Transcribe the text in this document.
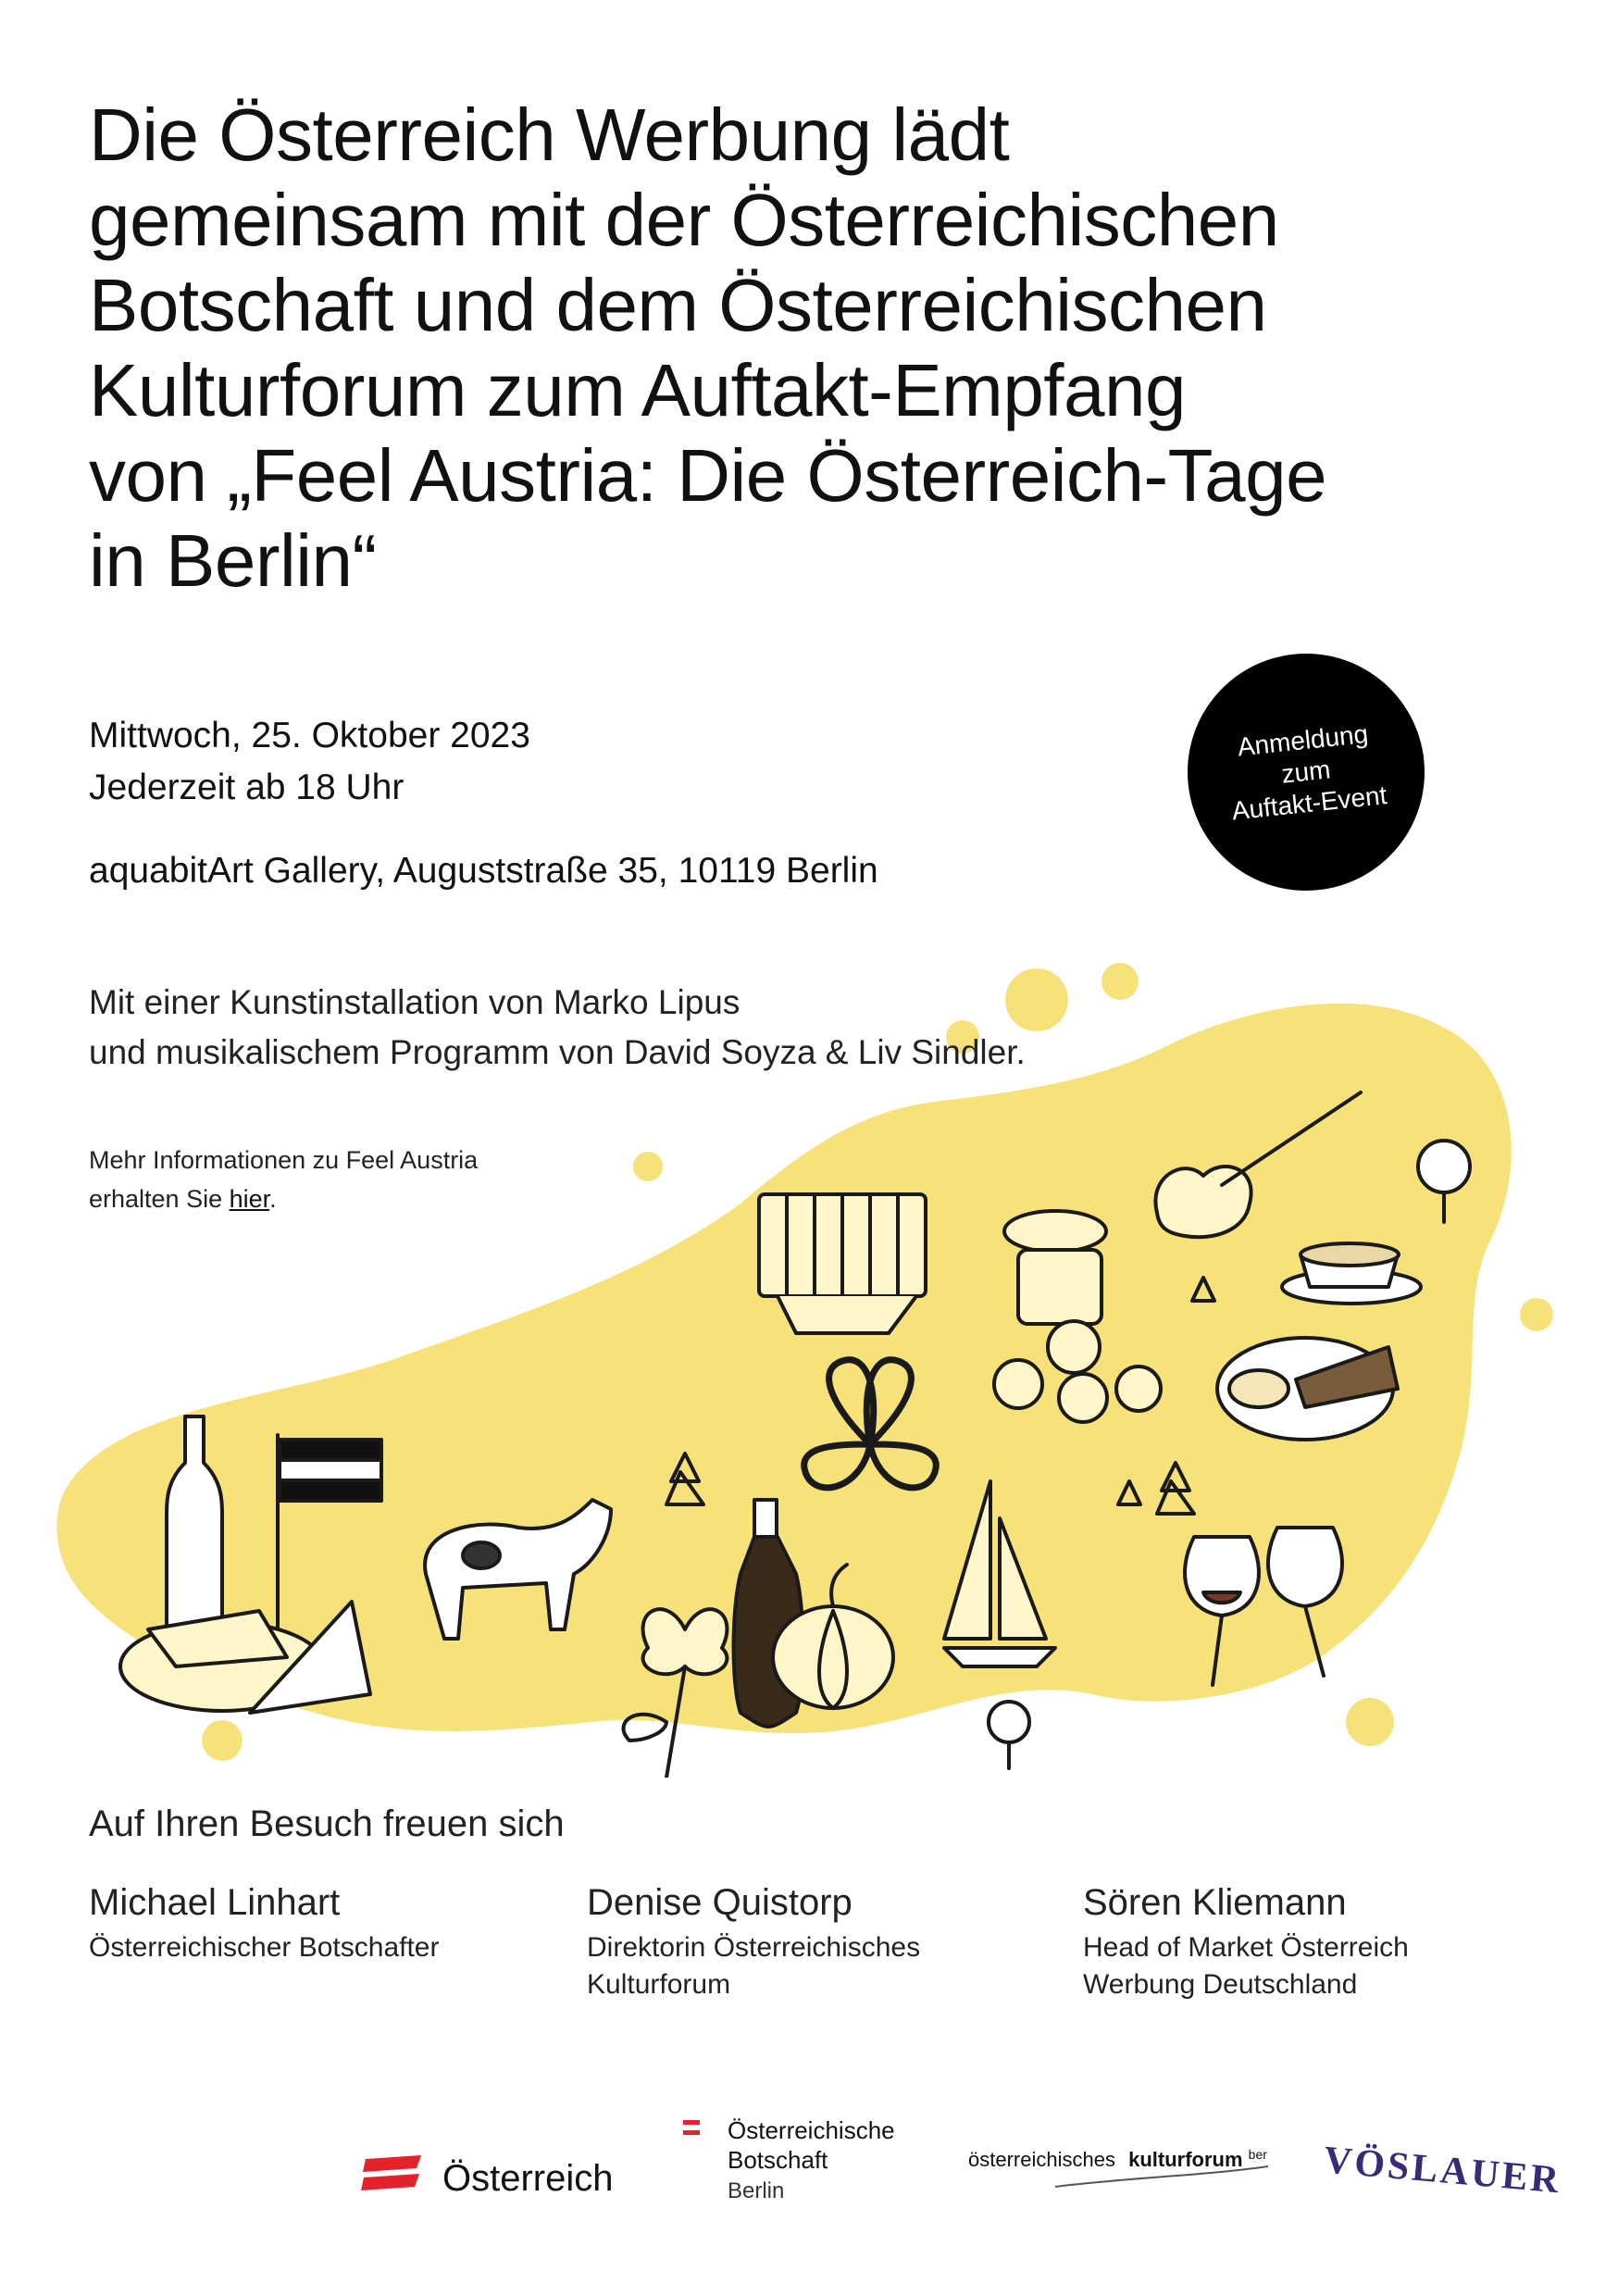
Die Österreich Werbung lädt
gemeinsam mit der Österreichischen
Botschaft und dem Österreichischen
Kulturforum zum Auftakt-Empfang
von „Feel Austria: Die Österreich-Tage
in Berlin“
Mittwoch, 25. Oktober 2023
Jederzeit ab 18 Uhr
aquabitArt Gallery, Auguststraße 35, 10119 Berlin
Anmeldung
zum
Auftakt-Event
Mit einer Kunstinstallation von Marko Lipus
und musikalischem Programm von David Soyza & Liv Sindler.
Mehr Informationen zu Feel Austria
erhalten Sie hier.
Auf Ihren Besuch freuen sich
Michael Linhart
Österreichischer Botschafter
Denise Quistorp
Direktorin Österreichisches
Kulturforum
Sören Kliemann
Head of Market Österreich
Werbung Deutschland
Österreich
Österreichische
Botschaft
Berlin
österreichisches kulturforum $^{ber}$ VÖSLAUER
